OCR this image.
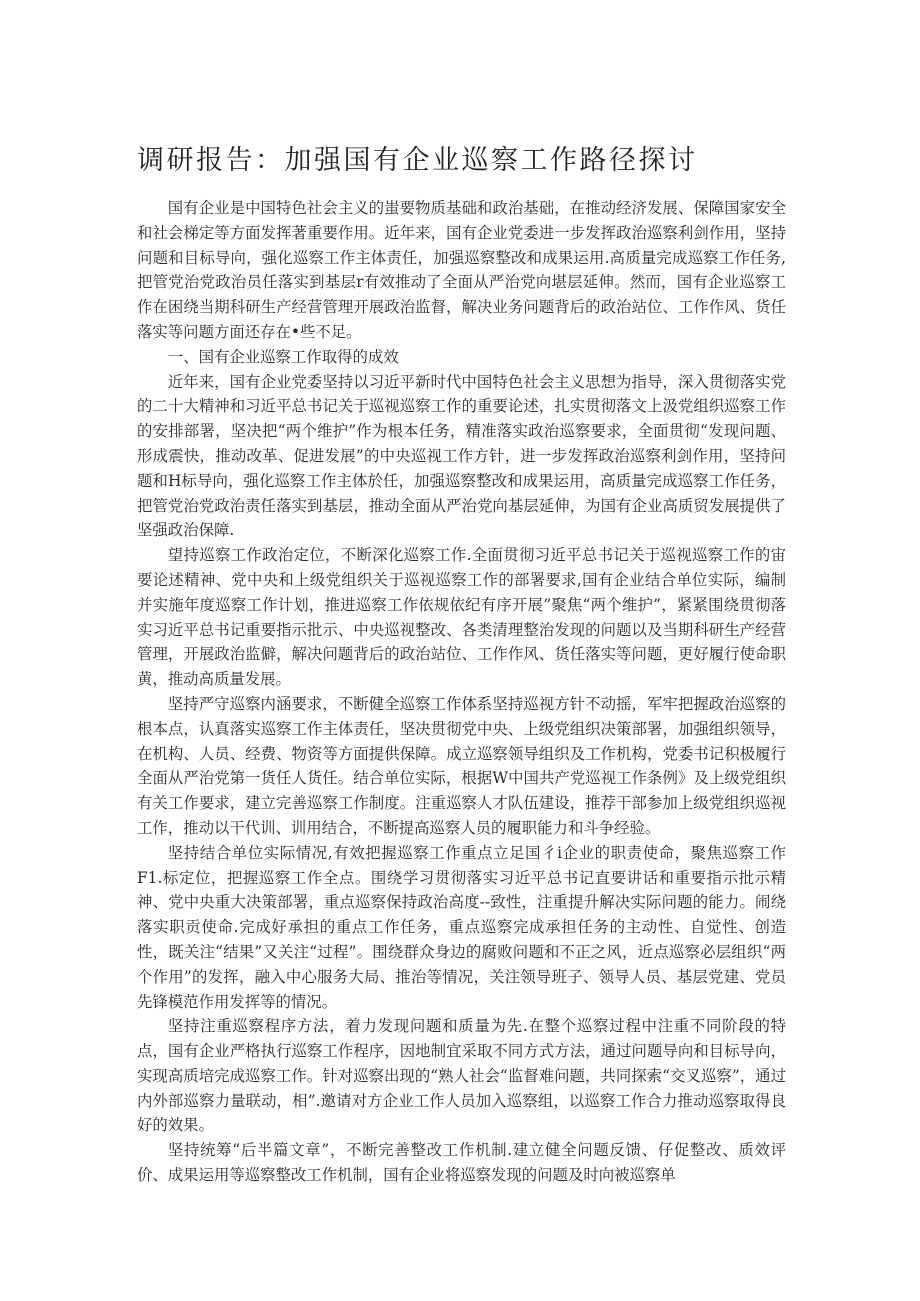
调研报告：加强国有企业巡察工作路径探讨

国有企业是中国特色社会主义的蚩要物质基础和政治基础，在推动经济发展、保障国家安全和社会梯定等方面发挥著重要作用。近年来，国有企业党委进一步发挥政治巡察利剑作用，坚持问题和目标导向，强化巡察工作主体责任，加强巡察整改和成果运用.高质量完成巡察工作任务,把管党治党政治员任落实到基层r有效推动了全面从严治党向堪层延伸。然而，国有企业巡察工作在困绕当期科研生产经营管理开展政治监督，解决业务问题背后的政治站位、工作作风、货任落实等问题方面还存在•些不足。

一、国有企业巡察工作取得的成效

近年来，国有企业党委坚持以习近平新时代中国特色社会主义思想为指导，深入贯彻落实党的二十大精神和习近平总书记关于巡视巡察工作的重要论述，扎实贯彻落文上汲党组织巡察工作的安排部署，坚决把“两个维护”作为根本任务，精准落实政治巡察要求，全面贯彻“发现问题、形成震快，推动改革、促进发展”的中央巡视工作方针，进一步发挥政治巡察利剑作用，坚持问题和H标导向，强化巡察工作主体於任，加强巡察整改和成果运用，高质量完成巡察工作任务，把管党治党政治责任落实到基层，推动全面从严治党向基层延伸，为国有企业高质贸发展提供了坚强政治保障.

望持巡察工作政治定位，不断深化巡察工作.全面贯彻习近平总书记关于巡视巡察工作的宙要论述精神、党中央和上级党组织关于巡视巡察工作的部署要求,国有企业结合单位实际，编制并实施年度巡察工作计划，推进巡察工作依规依纪有序开展”聚焦“两个维护”，紧紧围绕贯彻落实习近平总书记重要指示批示、中央巡视整改、各类清理整治发现的问题以及当期科研生产经营管理，开展政治监僻，解决问题背后的政治站位、工作作风、货任落实等问题，更好履行使命职黄，推动高质量发展。

坚持严守巡察内涵要求，不断健全巡察工作体系坚持巡视方针不动摇，军牢把握政治巡察的根本点，认真落实巡察工作主体责任，坚决贯彻党中央、上级党组织决策部署，加强组织领导，在机构、人员、经费、物资等方面提供保障。成立巡察领导组织及工作机构，党委书记积极履行全面从严治党第一货任人货任。结合单位实际，根据W中国共产党巡视工作条例》及上级党组织有关工作要求，建立完善巡察工作制度。注重巡察人才队伍建设，推荐干部参加上级党组织巡视工作，推动以干代训、训用结合，不断提高巡察人员的履职能力和斗争经验。

坚持结合单位实际情况,有效把握巡察工作重点立足国彳i企业的职责使命，聚焦巡察工作F1.标定位，把握巡察工作全点。围绕学习贯彻落实习近平总书记直要讲话和重要指示批示精神、党中央重大决策部署，重点巡察保持政治高度--致性，注重提升解决实际问题的能力。闹绕落实职贡使命.完成好承担的重点工作任务，重点巡察完成承担任务的主动性、自觉性、创造性，既关注“结果”又关注“过程”。围绕群众身边的腐败问题和不正之风，近点巡察必层组织“两个作用”的发挥，融入中心服务大局、推治等情况，关注领导班子、领导人员、基层党建、党员先锋模范作用发挥等的情况。

坚持注重巡察程序方法，着力发现问题和质量为先.在整个巡察过程中注重不同阶段的特点，国有企业严格执行巡察工作程序，因地制宜采取不同方式方法，通过问题导向和目标导向，实现高质培完成巡察工作。针对巡察出现的“熟人社会“监督难问题，共同探索“交叉巡察”，通过内外部巡察力量联动，相”.邀请对方企业工作人员加入巡察组，以巡察工作合力推动巡察取得良好的效果。

坚持统筹“后半篇文章”，不断完善整改工作机制.建立健全问题反馈、仔促整改、质效评价、成果运用等巡察整改工作机制，国有企业将巡察发现的问题及时向被巡察单
